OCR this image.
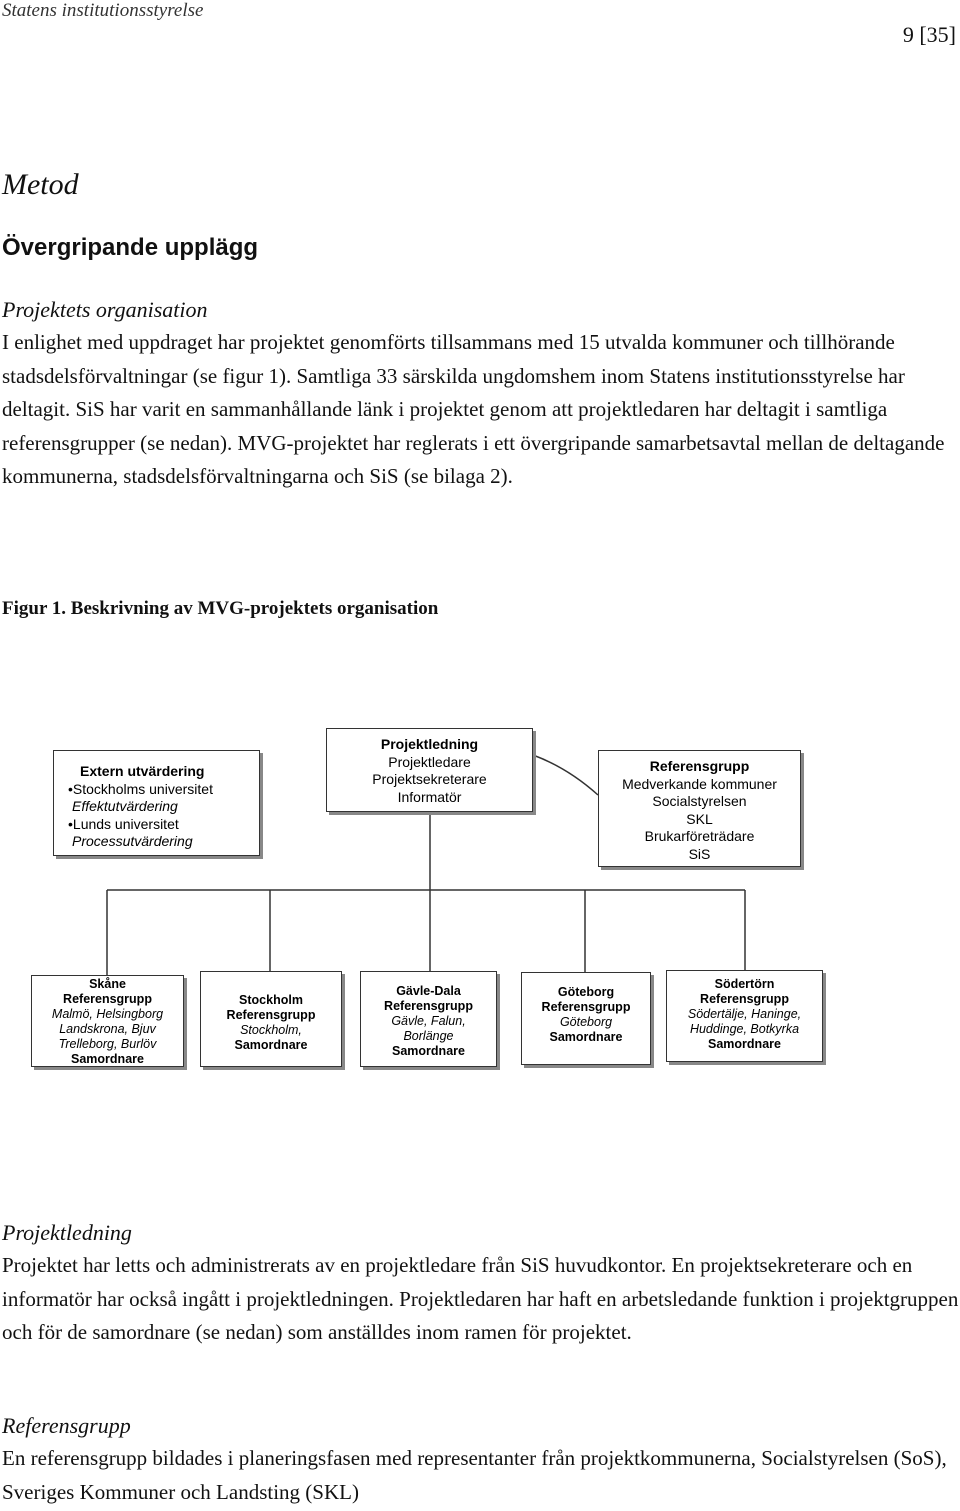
Statens institutionsstyrelse
9 [35]
Metod
Övergripande upplägg
Projektets organisation
I enlighet med uppdraget har projektet genomförts tillsammans med 15 utvalda kommuner och tillhörande stadsdelsförvaltningar (se figur 1). Samtliga 33 särskilda ungdomshem inom Statens institutionsstyrelse har deltagit. SiS har varit en sammanhållande länk i projektet genom att projektledaren har deltagit i samtliga referensgrupper (se nedan). MVG-projektet har reglerats i ett övergripande samarbetsavtal mellan de deltagande kommunerna, stadsdelsförvaltningarna och SiS (se bilaga 2).

Figur 1. Beskrivning av MVG-projektets organisation

Extern utvärdering
•Stockholms universitet
Effektutvärdering
•Lunds universitet
Processutvärdering
Projektledning
Projektledare
Projektsekreterare
Informatör
Referensgrupp
Medverkande kommuner
Socialstyrelsen
SKL
Brukarföreträdare
SiS
Skåne
Referensgrupp
Malmö, Helsingborg
Landskrona, Bjuv
Trelleborg, Burlöv
Samordnare
Stockholm
Referensgrupp
Stockholm,
Samordnare
Gävle-Dala
Referensgrupp
Gävle, Falun,
Borlänge
Samordnare
Göteborg
Referensgrupp
Göteborg
Samordnare
Södertörn
Referensgrupp
Södertälje, Haninge,
Huddinge, Botkyrka
Samordnare
Projektledning
Projektet har letts och administrerats av en projektledare från SiS huvudkontor. En projektsekreterare och en informatör har också ingått i projektledningen. Projektledaren har haft en arbetsledande funktion i projektgruppen och för de samordnare (se nedan) som anställdes inom ramen för projektet.
Referensgrupp
En referensgrupp bildades i planeringsfasen med representanter från projektkommunerna, Socialstyrelsen (SoS), Sveriges Kommuner och Landsting (SKL)
